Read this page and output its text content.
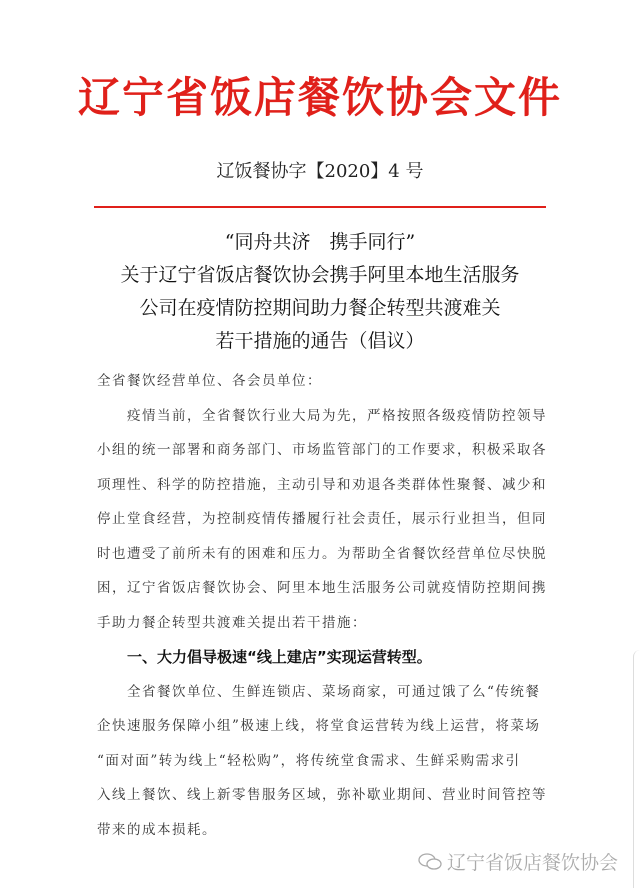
辽宁省饭店餐饮协会文件
辽饭餐协字【2020】4 号
“同舟共济　携手同行”
关于辽宁省饭店餐饮协会携手阿里本地生活服务
公司在疫情防控期间助力餐企转型共渡难关
若干措施的通告（倡议）
全省餐饮经营单位、各会员单位：
疫情当前，全省餐饮行业大局为先，严格按照各级疫情防控领导
小组的统一部署和商务部门、市场监管部门的工作要求，积极采取各
项理性、科学的防控措施，主动引导和劝退各类群体性聚餐、减少和
停止堂食经营，为控制疫情传播履行社会责任，展示行业担当，但同
时也遭受了前所未有的困难和压力。为帮助全省餐饮经营单位尽快脱
困，辽宁省饭店餐饮协会、阿里本地生活服务公司就疫情防控期间携
手助力餐企转型共渡难关提出若干措施：
一、大力倡导极速“线上建店”实现运营转型。
全省餐饮单位、生鲜连锁店、菜场商家，可通过饿了么“传统餐
企快速服务保障小组”极速上线，将堂食运营转为线上运营，将菜场
“面对面”转为线上“轻松购”，将传统堂食需求、生鲜采购需求引
入线上餐饮、线上新零售服务区域，弥补歇业期间、营业时间管控等
带来的成本损耗。
辽宁省饭店餐饮协会
